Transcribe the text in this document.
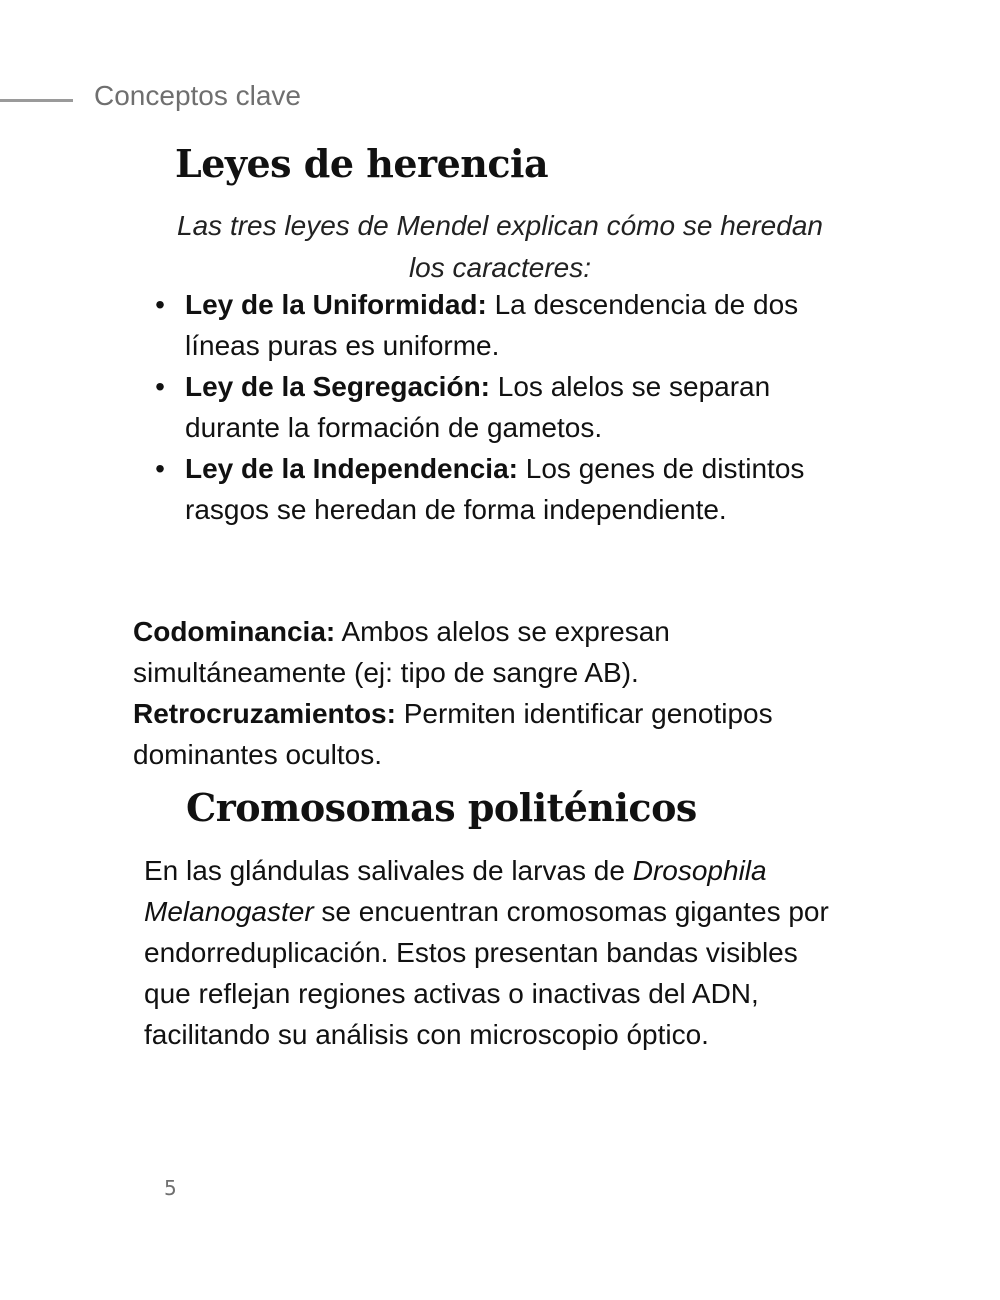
Conceptos clave
Leyes de herencia

Las tres leyes de Mendel explican cómo se heredan los caracteres:

• Ley de la Uniformidad: La descendencia de dos líneas puras es uniforme.
• Ley de la Segregación: Los alelos se separan durante la formación de gametos.
• Ley de la Independencia: Los genes de distintos rasgos se heredan de forma independiente.

Codominancia: Ambos alelos se expresan simultáneamente (ej: tipo de sangre AB).

Retrocruzamientos: Permiten identificar genotipos dominantes ocultos.

Cromosomas politénicos

En las glándulas salivales de larvas de Drosophila Melanogaster se encuentran cromosomas gigantes por endorreduplicación. Estos presentan bandas visibles que reflejan regiones activas o inactivas del ADN, facilitando su análisis con microscopio óptico.

5
